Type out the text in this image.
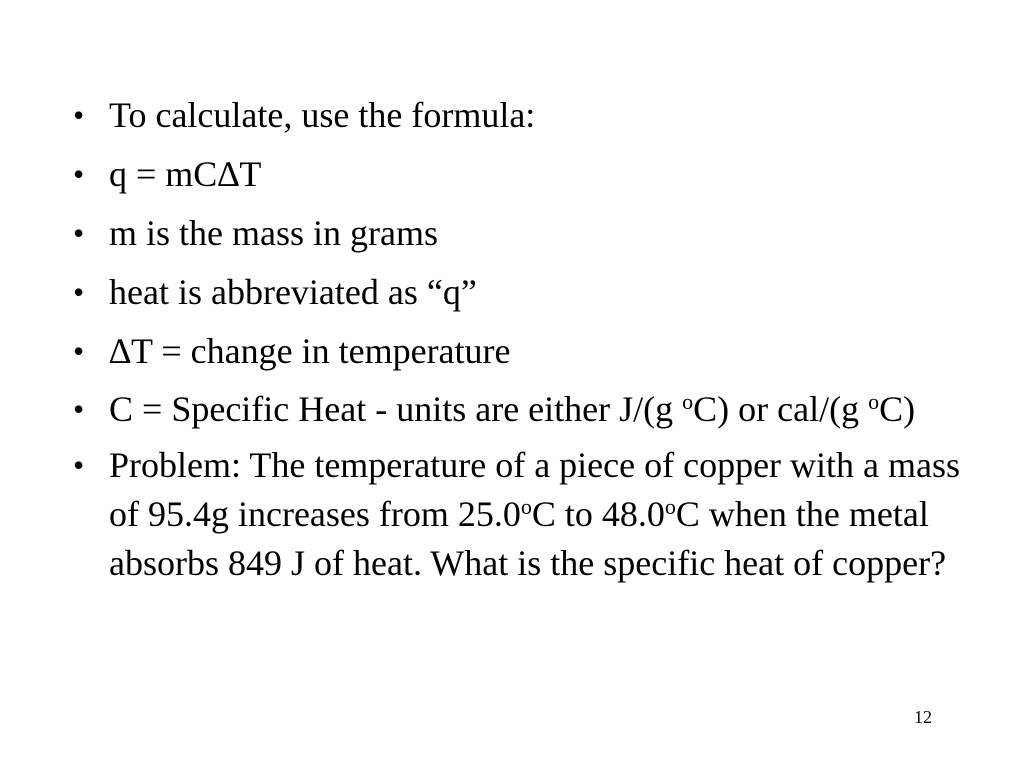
• To calculate, use the formula:
• q = mC∆T
• m is the mass in grams
• heat is abbreviated as “q”
• ∆T = change in temperature
• C = Specific Heat - units are either J/(g $^o$C) or cal/(g $^o$C)
• Problem: The temperature of a piece of copper with a mass of 95.4g increases from 25.0$^o$C to 48.0$^o$C when the metal absorbs 849 J of heat. What is the specific heat of copper?
12
